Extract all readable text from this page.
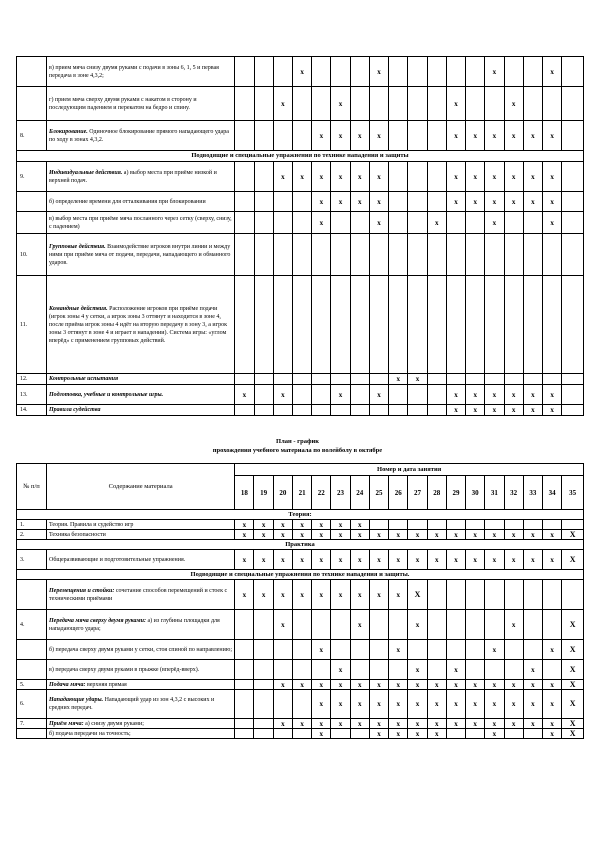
	в) прием мяча снизу двумя руками с подачи в зоны 6, 1, 5 и первая передача в зоне 4,3,2;				x				x						x			x	
	г) прием мяча сверху двумя руками с накатом в сторону и последующим падением и перекатом на бедро и спину.			x			x						x			x			
8.	Блокирование. Одиночное блокирование прямого нападающего удара по ходу в зонах 4,3,2.					x	x	x	x				x	x	x	x	x	x	
Подводящие и специальные упражнения по технике нападения и защиты																			
9.	Индивидуальные действия. а) выбор места при приёме низкой и верхней подач.			x	x	x	x	x	x				x	x	x	x	x	x	
	б) определение времени для отталкивания при блокировании					x	x	x	x				x	x	x	x	x	x	
	в) выбор места при приёме мяча посланного через сетку (сверху, снизу, с падением)					x			x			x			x			x	
10.	Групповые действия. Взаимодействие игроков внутри линии и между ними при приёме мяча от подачи, передачи, нападающего и обманного ударов.																		
11.	Командные действия. Расположение игроков при приёме подачи (игрок зоны 4 у сетки, а игрок зоны 3 оттянут и находится в зоне 4, после приёма игрок зоны 4 идёт на вторую передачу в зону 3, а игрок зоны 3 оттянут в зоне 4 и играет в нападении). Система игры: «углом вперёд» с применением групповых действий.																		
12.	Контрольные испытания									x	x								
13.	Подготовка, учебные и контрольные игры.	x		x			x		x				x	x	x	x	x	x	
14.	Правила судейства												x	x	x	x	x	x	
План - график
прохождения учебного материала по волейболу в октябре
№ п/п	Содержание материала	Номер и дата занятия																	
		18	19	20	21	22	23	24	25	26	27	28	29	30	31	32	33	34	35
Теория:																			
1.	Теория. Правила и судейство игр	x	x	x	x	x	x	x											
2.	Техника безопасности	x	x	x	x	x	x	x	x	x	x	x	x	x	x	x	x	x	X
Практика																			
3.	Общеразвивающие и подготовительные упражнения.	x	x	x	x	x	x	x	x	x	x	x	x	x	x	x	x	x	X
Подводящие и специальные упражнения по технике нападения и защиты.																			
	Перемещения и стойки: сочетание способов перемещений и стоек с техническими приёмами	x	x	x	x	x	x	x	x	x	X								
4.	Передача мяча сверху двумя руками: а) из глубины площадки для нападающего удара;			x				x			x					x			X
	б) передача сверху двумя руками у сетки, стоя спиной по направлению;					x				x					x			x	X
	в) передача сверху двумя руками в прыжке (вперёд-вверх).						x				x		x				x		X
5.	Подача мяча: верхняя прямая			x	x	x	x	x	x	x	x	x	x	x	x	x	x	x	X
6.	Нападающие удары. Нападающий удар из зон 4,3,2 с высоких и средних передач.					x	x	x	x	x	x	x	x	x	x	x	x	x	X
7.	Приём мяча: а) снизу двумя руками;			x	x	x	x	x	x	x	x	x	x	x	x	x	x	x	X
	б) подача передачи на точность;					x			x	x	x	x			x			x	X
